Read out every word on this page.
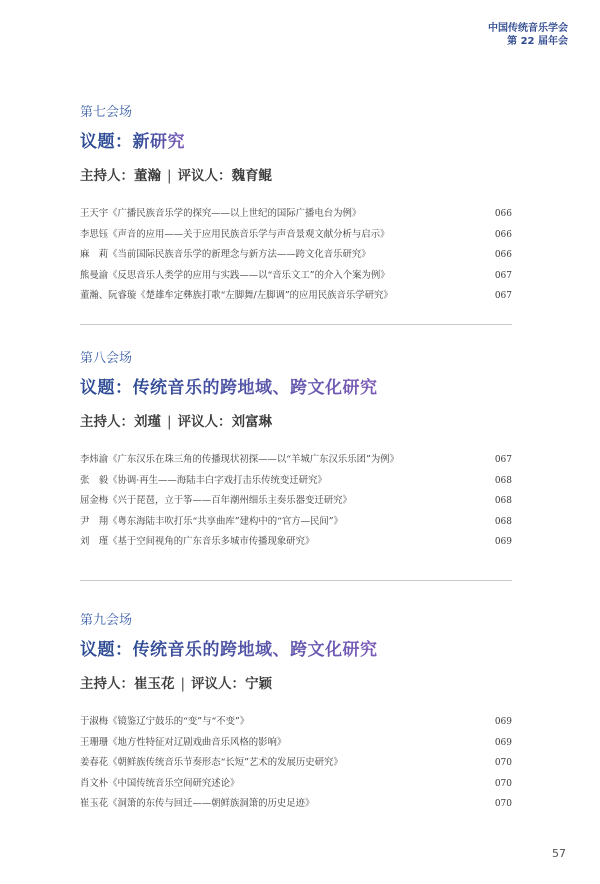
中国传统音乐学会
第 22 届年会
第七会场
议题：新研究
主持人：董瀚 | 评议人：魏育鲲
王天宇《广播民族音乐学的探究——以上世纪的国际广播电台为例》	066
李思钰《声音的应用——关于应用民族音乐学与声音景观文献分析与启示》	066
麻　莉《当前国际民族音乐学的新理念与新方法——跨文化音乐研究》	066
熊曼渝《反思音乐人类学的应用与实践——以“音乐文工”的介入个案为例》	067
董瀚、阮睿璇《楚雄牟定彝族打歌“左脚舞/左脚调”的应用民族音乐学研究》	067
第八会场
议题：传统音乐的跨地域、跨文化研究
主持人：刘瑾 | 评议人：刘富琳
李炜渝《广东汉乐在珠三角的传播现状初探——以“羊城广东汉乐乐团”为例》	067
张　毅《协调·再生——海陆丰白字戏打击乐传统变迁研究》	068
屈金梅《兴于琵琶，立于筝——百年潮州细乐主奏乐器变迁研究》	068
尹　翔《粤东海陆丰吹打乐“共享曲库”建构中的“官方—民间”》	068
刘　瑾《基于空间视角的广东音乐多城市传播现象研究》	069
第九会场
议题：传统音乐的跨地域、跨文化研究
主持人：崔玉花 | 评议人：宁颖
于淑梅《镜鉴辽宁鼓乐的“变”与“不变”》	069
王珊珊《地方性特征对辽剧戏曲音乐风格的影响》	069
姜春花《朝鲜族传统音乐节奏形态“长短”艺术的发展历史研究》	070
肖文朴《中国传统音乐空间研究述论》	070
崔玉花《洞箫的东传与回迁——朝鲜族洞箫的历史足迹》	070
57
